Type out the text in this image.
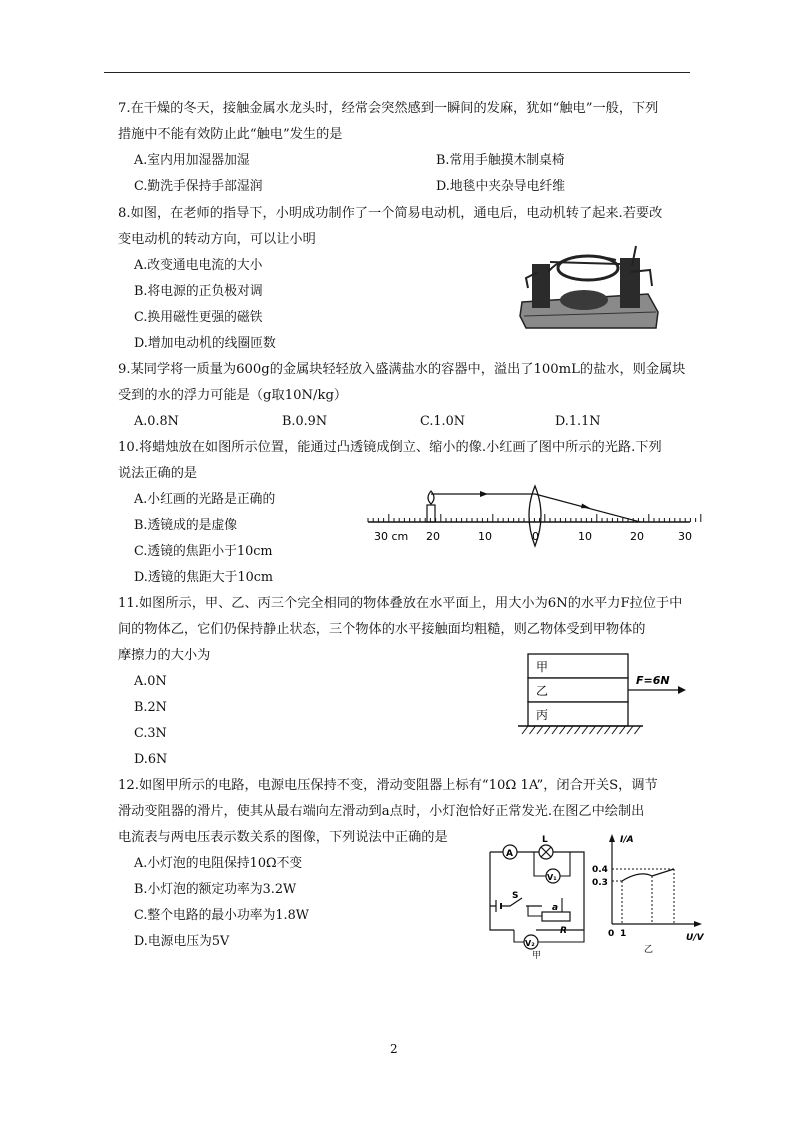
7.在干燥的冬天，接触金属水龙头时，经常会突然感到一瞬间的发麻，犹如“触电”一般，下列
措施中不能有效防止此“触电”发生的是
A.室内用加湿器加湿	B.常用手触摸木制桌椅
C.勤洗手保持手部湿润	D.地毯中夹杂导电纤维
8.如图，在老师的指导下，小明成功制作了一个简易电动机，通电后，电动机转了起来.若要改
变电动机的转动方向，可以让小明
A.改变通电电流的大小
B.将电源的正负极对调
C.换用磁性更强的磁铁
D.增加电动机的线圈匝数
9.某同学将一质量为600g的金属块轻轻放入盛满盐水的容器中，溢出了100mL的盐水，则金属块
受到的水的浮力可能是（g取10N/kg）
A.0.8N	B.0.9N	C.1.0N	D.1.1N
10.将蜡烛放在如图所示位置，能通过凸透镜成倒立、缩小的像.小红画了图中所示的光路.下列
说法正确的是
A.小红画的光路是正确的
B.透镜成的是虚像
C.透镜的焦距小于10cm
D.透镜的焦距大于10cm
30 cm 20	10	0	10	20	30
11.如图所示，甲、乙、丙三个完全相同的物体叠放在水平面上，用大小为6N的水平力F拉位于中
间的物体乙，它们仍保持静止状态，三个物体的水平接触面均粗糙，则乙物体受到甲物体的
摩擦力的大小为
A.0N
B.2N
C.3N
D.6N
甲
乙
丙
F=6N
12.如图甲所示的电路，电源电压保持不变，滑动变阻器上标有“10Ω 1A”，闭合开关S，调节
滑动变阻器的滑片，使其从最右端向左滑动到a点时，小灯泡恰好正常发光.在图乙中绘制出
电流表与两电压表示数关系的图像，下列说法中正确的是
A.小灯泡的电阻保持10Ω不变
B.小灯泡的额定功率为3.2W
C.整个电路的最小功率为1.8W
D.电源电压为5V
S
A
L
V₁
a
R
V₂
甲
I/A
U/V
0.4
0.3
0 1
乙
2
